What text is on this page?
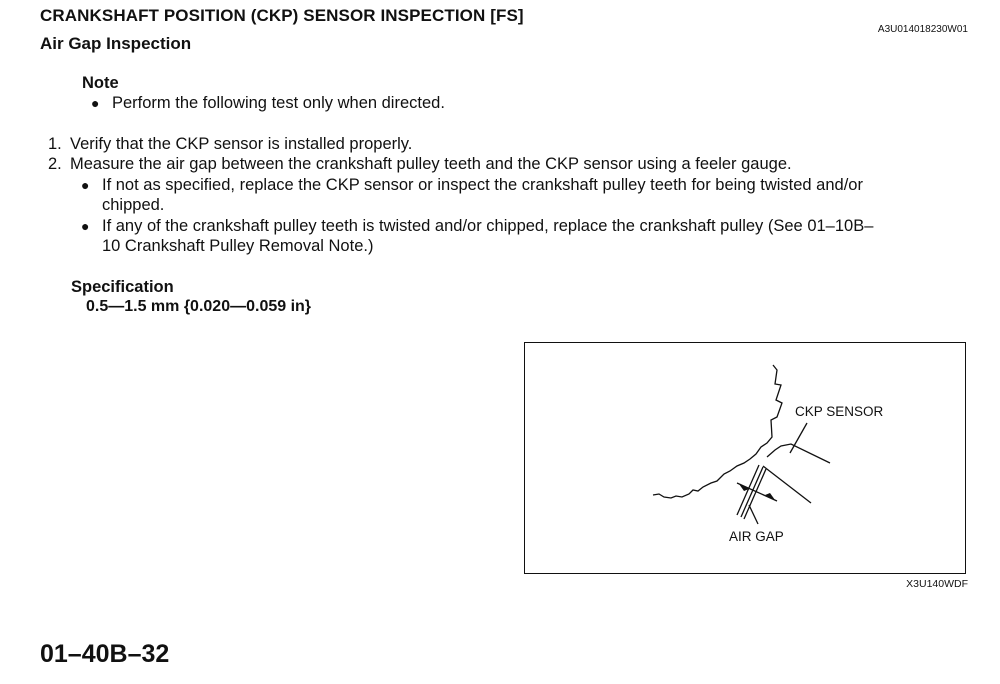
CRANKSHAFT POSITION (CKP) SENSOR INSPECTION [FS]
A3U014018230W01
Air Gap Inspection
Note
● Perform the following test only when directed.
1. Verify that the CKP sensor is installed properly.
2. Measure the air gap between the crankshaft pulley teeth and the CKP sensor using a feeler gauge.
● If not as specified, replace the CKP sensor or inspect the crankshaft pulley teeth for being twisted and/or
chipped.
● If any of the crankshaft pulley teeth is twisted and/or chipped, replace the crankshaft pulley (See 01–10B–
10 Crankshaft Pulley Removal Note.)
Specification
0.5—1.5 mm {0.020—0.059 in}
CKP SENSOR
AIR GAP
X3U140WDF
01–40B–32
